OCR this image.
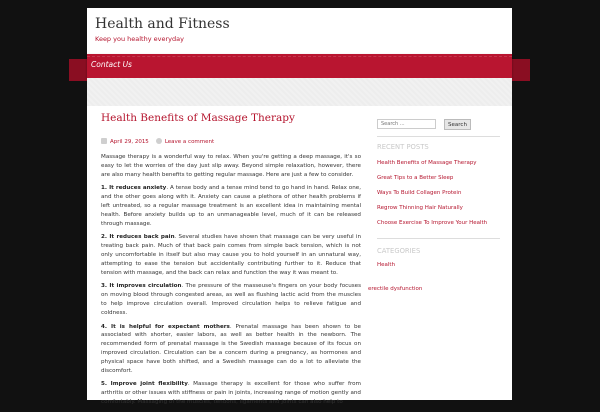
Health and Fitness

Keep you healthy everyday

Contact Us
Health Benefits of Massage Therapy
April 29, 2015	Leave a comment

Massage therapy is a wonderful way to relax. When you're getting a deep massage, it's so easy to let the worries of the day just slip away. Beyond simple relaxation, however, there are also many health benefits to getting regular massage. Here are just a few to consider.

1. It reduces anxiety. A tense body and a tense mind tend to go hand in hand. Relax one, and the other goes along with it. Anxiety can cause a plethora of other health problems if left untreated, so a regular massage treatment is an excellent idea in maintaining mental health. Before anxiety builds up to an unmanageable level, much of it can be released through massage.

2. It reduces back pain. Several studies have shown that massage can be very useful in treating back pain. Much of that back pain comes from simple back tension, which is not only uncomfortable in itself but also may cause you to hold yourself in an unnatural way, attempting to ease the tension but accidentally contributing further to it. Reduce that tension with massage, and the back can relax and function the way it was meant to.

3. It improves circulation. The pressure of the masseuse's fingers on your body focuses on moving blood through congested areas, as well as flushing lactic acid from the muscles to help improve circulation overall. Improved circulation helps to relieve fatigue and coldness.

4. It is helpful for expectant mothers. Prenatal massage has been shown to be associated with shorter, easier labors, as well as better health in the newborn. The recommended form of prenatal massage is the Swedish massage because of its focus on improved circulation. Circulation can be a concern during a pregnancy, as hormones and physical space have both shifted, and a Swedish massage can do a lot to alleviate the discomfort.

5. Improve joint flexibility. Massage therapy is excellent for those who suffer from arthritis or other issues with stiffness or pain in joints, increasing range of motion gently and comfortably. Massaging of the muscles, tendons, ligaments and joints can also help to

Search ...
Search
RECENT POSTS
Health Benefits of Massage Therapy
Great Tips to a Better Sleep
Ways To Build Collagen Protein
Regrow Thinning Hair Naturally
Choose Exercise To Improve Your Health
CATEGORIES
Health
erectile dysfunction
